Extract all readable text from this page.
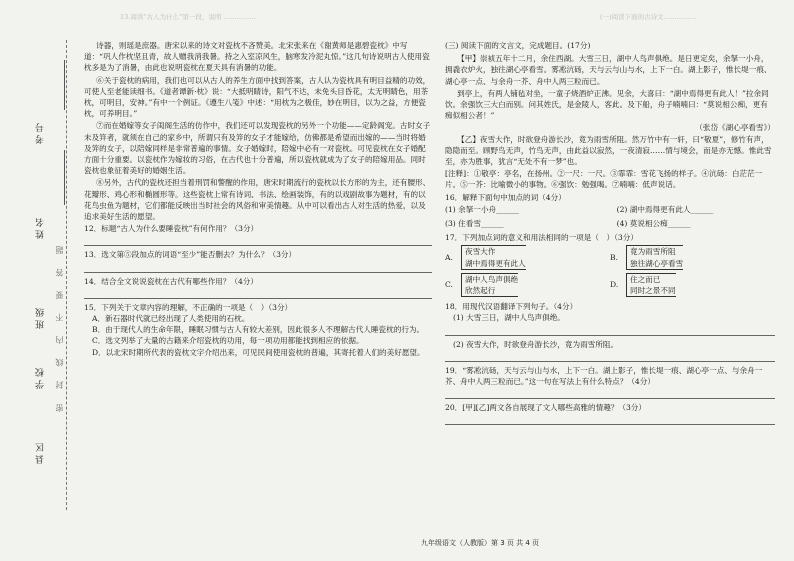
13.阅读“古人为什么”第一段，说明 ……………	(一)阅读下面的古诗文……………
考号
姓名
班级
学校
县区
密 封 线 内 不 要 答 题

诗器，则瑶是庶器。唐宋以来的诗文对瓷枕不吝赞美。北宋张来在《谢黄师是惠碧瓷枕》中写道：“巩人作枕坚且青，故人赠我消我暑。持之入室凉风生，脑寒发冷泥丸惊。”这几句诗说明古人使用瓷枕多是为了消暑，由此也说明瓷枕在夏天具有消暑的功能。

⑥关于瓷枕的病用，我们也可以从古人的养生方面中找到答案，古人认为瓷枕具有明目益精的功效，可使人至老能读细书。《道者谭新·枕》说：“大抵明睛诗，阳气不达，未免头目昏花，太无明睛色，用茶枕，可明目，安神。”有中一个例证。《遵生八笺》中述：“用枕为之极佳，妙在明目，以为之益，方便瓷枕，可养明目。”

⑦而在婚嫁等女子闺阁生活的仿作中，我们还可以发现瓷枕的另外一个功能——定龄阁宠。古时女子未及笄者，就须在自己的家乡中，所谓只有及笄的女子才能嫁给，仿佛都是希望而出嫁的——当时将婚及笄的女子，以陪嫁同样是非常普遍的事情。女子婚嫁时，陪嫁中必有一对瓷枕。可见瓷枕在女子婚配方面十分重要。以瓷枕作为嫁妆的习俗，在古代也十分普遍，所以瓷枕就成为了女子的陪嫁用品。同时瓷枕也象征着美好的婚姻生活。

⑧另外，古代的瓷枕还担当着刑罚和警醒的作用，唐宋时期流行的瓷枕以长方形的为主，还有腰形、花瓣形、鸡心形和椭圆形等。这些瓷枕上常有诗词、书法、绘画装饰，有的以戏剧故事为题材，有的以花鸟虫鱼为题材，它们都能反映出当时社会的风俗和审美情趣。从中可以看出古人对生活的热爱，以及追求美好生活的愿望。

12．标题“古人为什么要睡瓷枕”有何作用？（3分）

13．选文第⑤段加点的词语“至少”能否删去？为什么？（3分）

14．结合全文说说瓷枕在古代有哪些作用？（4分）

15．下列关于文章内容的理解，不正确的一项是（　）（3分）

A．新石器时代就已经出现了人类使用的石枕。

B．由于现代人的生命年限，睡眠习惯与古人有较大差别，因此很多人不理解古代人睡瓷枕的行为。

C．选文列举了大量的古籍来介绍瓷枕的功用，每一项功用都能找到相应的依据。

D．以北宋时期所代表的瓷枕文字介绍出来，可见民间使用瓷枕的普遍，其寄托着人们的美好愿望。

(三) 阅读下面的文言文，完成题目。(17分)

【甲】崇祯五年十二月，余住西湖。大雪三日，湖中人鸟声俱绝。是日更定矣，余拏一小舟，拥毳衣炉火，独往湖心亭看雪。雾凇沆砀，天与云与山与水，上下一白。湖上影子，惟长堤一痕、湖心亭一点、与余舟一芥、舟中人两三粒而已。

到亭上，有两人铺毡对坐，一童子烧酒炉正沸。见余，大喜曰：“湖中焉得更有此人！”拉余同饮。余强饮三大白而别。问其姓氏，是金陵人，客此。及下船，舟子喃喃曰：“莫说相公痴，更有痴似相公者！”

（张岱《湖心亭看雪》）

【乙】夜雪大作，时欲登舟游长沙，竟为雨雪所阻。然万竹中有一轩，曰“敬夏”，修竹有声，隐隐而至。顾野鸟无声，竹鸟无声，由此益以寂然，一夜清寂……情与境会，而是亦无憾。惟此雪至，亦为胜事，犹言“无处不有一梦”也。

[注释]：①敬亭：亭名，在扬州。②一尺：一尺。③霏霏：雪花飞扬的样子。④沆砀：白茫茫一片。⑤一芥：比喻微小的事物。⑥强饮：勉强喝。⑦喃喃：低声说话。

16．解释下面句中加点的词（4分）

(1) 余拏一小舟______	(2) 湖中焉得更有此人______
(3) 住看雪______	(4) 莫说相公痴______

17．下列加点词的意义和用法相同的一项是（　）（3分）

A.
夜雪大作
湖中焉得更有此人
B.
竟为雨雪所阻
独往湖心亭看雪
C.
湖中人鸟声俱绝
欣然起行
D.
住之而已
同时之景不同

18．用现代汉语翻译下列句子。（4分）

(1) 大雪三日，湖中人鸟声俱绝。

(2) 夜雪大作，时欲登舟游长沙，竟为雨雪所阻。

19．“雾凇沆砀，天与云与山与水，上下一白。湖上影子，惟长堤一痕、湖心亭一点、与余舟一芥、舟中人两三粒而已。”这一句在写法上有什么特点？（4分）

20．[甲][乙]两文各自展现了文人哪些高雅的情趣？（3分）

九年级语文（人教版）第 3 页 共 4 页
